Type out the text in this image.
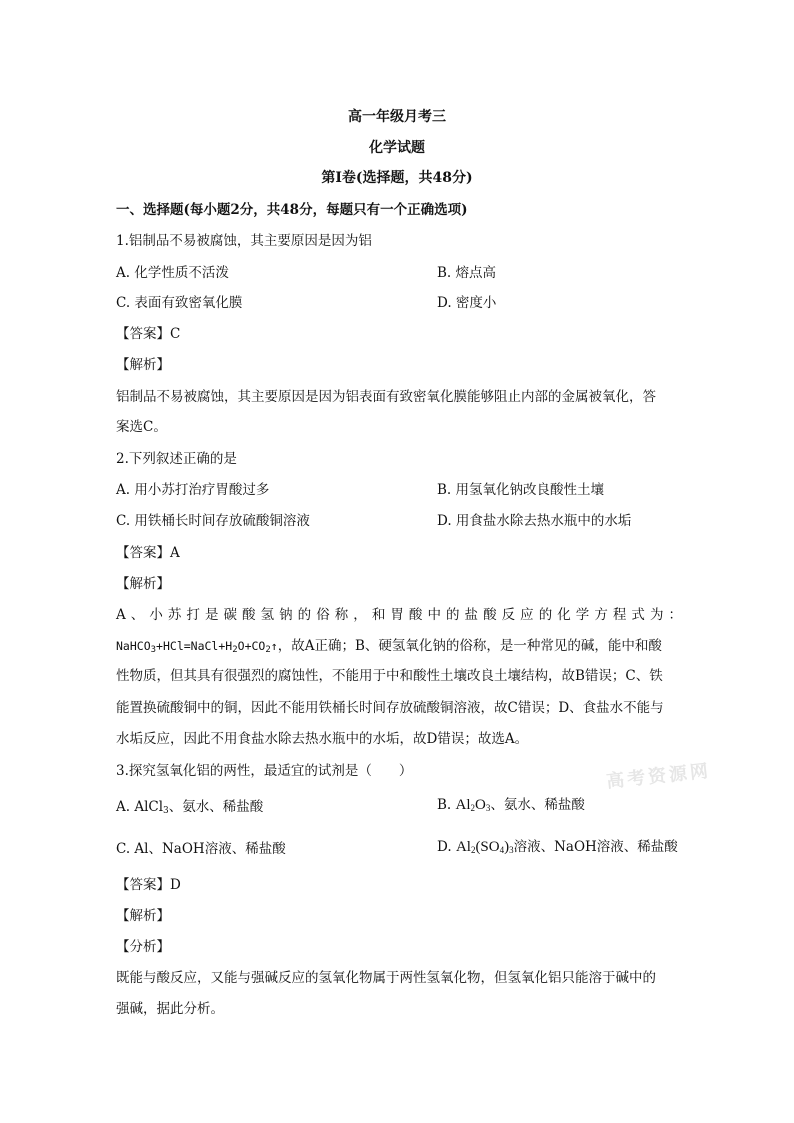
高一年级月考三
化学试题
第Ⅰ卷(选择题，共48分)
一、选择题(每小题2分，共48分，每题只有一个正确选项)
1.铝制品不易被腐蚀，其主要原因是因为铝
A. 化学性质不活泼	B. 熔点高
C. 表面有致密氧化膜	D. 密度小
【答案】C
【解析】
铝制品不易被腐蚀，其主要原因是因为铝表面有致密氧化膜能够阻止内部的金属被氧化，答
案选C。
2.下列叙述正确的是
A. 用小苏打治疗胃酸过多	B. 用氢氧化钠改良酸性土壤
C. 用铁桶长时间存放硫酸铜溶液	D. 用食盐水除去热水瓶中的水垢
【答案】A
【解析】
A、小苏打是碳酸氢钠的俗称，和胃酸中的盐酸反应的化学方程式为：
$NaHCO_3+HCl=NaCl+H_2O+CO_2↑$，故A正确；B、硬氢氧化钠的俗称，是一种常见的碱，能中和酸
性物质，但其具有很强烈的腐蚀性，不能用于中和酸性土壤改良土壤结构，故B错误；C、铁
能置换硫酸铜中的铜，因此不能用铁桶长时间存放硫酸铜溶液，故C错误；D、食盐水不能与
水垢反应，因此不用食盐水除去热水瓶中的水垢，故D错误；故选A。
3.探究氢氧化铝的两性，最适宜的试剂是（　　）	高考资源网
A. AlCl$_3$、氨水、稀盐酸	B. $Al_2O_3$、氨水、稀盐酸
C. Al、NaOH溶液、稀盐酸	D. $Al_2(SO_4)_3$溶液、NaOH溶液、稀盐酸
【答案】D
【解析】
【分析】
既能与酸反应，又能与强碱反应的氢氧化物属于两性氢氧化物，但氢氧化铝只能溶于碱中的
强碱，据此分析。
